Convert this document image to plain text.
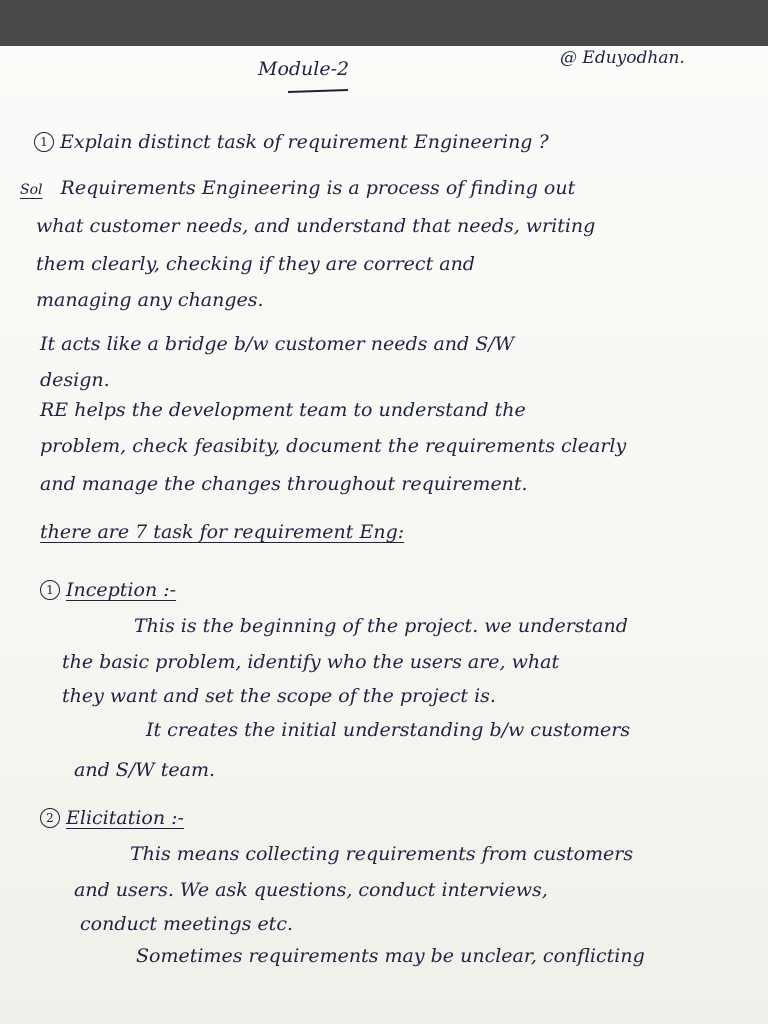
Module-2	@ Eduyodhan.
1 Explain distinct task of requirement Engineering ?
Sol Requirements Engineering is a process of finding out
what customer needs, and understand that needs, writing
them clearly, checking if they are correct and
managing any changes.
It acts like a bridge b/w customer needs and S/W
design.
RE helps the development team to understand the
problem, check feasibity, document the requirements clearly
and manage the changes throughout requirement.
there are 7 task for requirement Eng:
1 Inception :-
This is the beginning of the project. we understand
the basic problem, identify who the users are, what
they want and set the scope of the project is.
It creates the initial understanding b/w customers
and S/W team.
2 Elicitation :-
This means collecting requirements from customers
and users. We ask questions, conduct interviews,
conduct meetings etc.
Sometimes requirements may be unclear, conflicting
